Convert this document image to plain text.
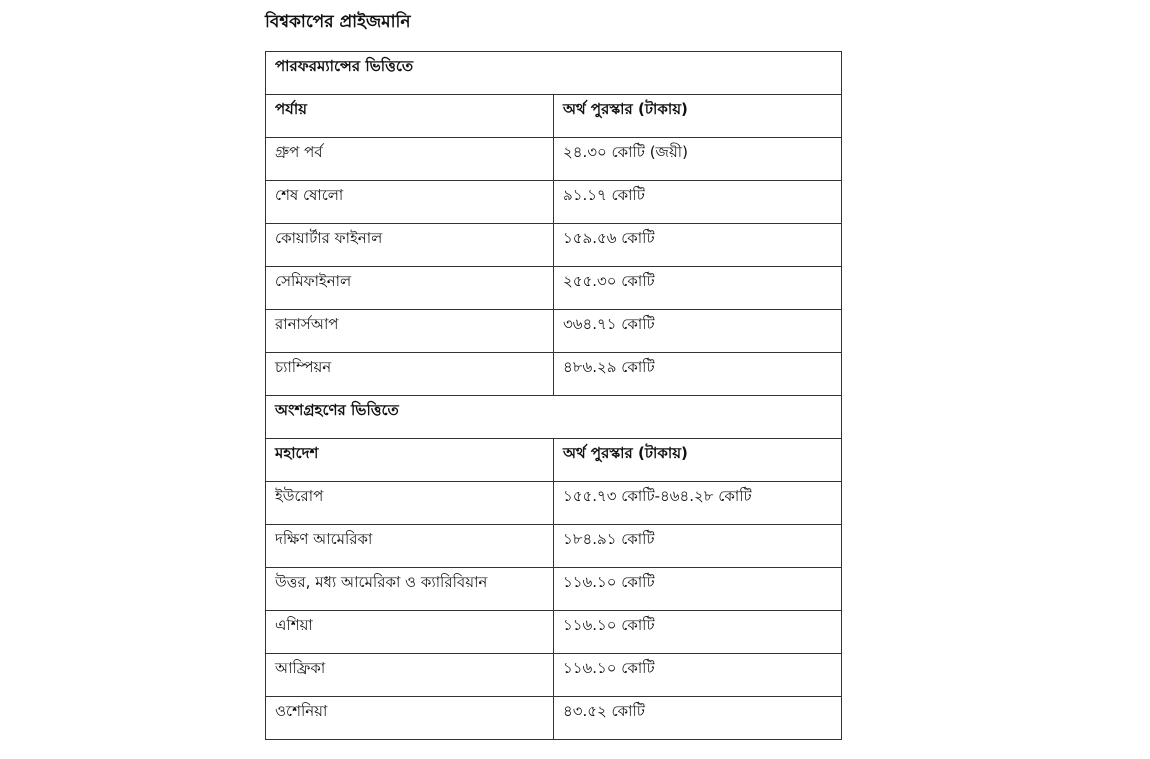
বিশ্বকাপের প্রাইজমানি
পারফরম্যান্সের ভিত্তিতে	
পর্যায়	অর্থ পুরস্কার (টাকায়)
গ্রুপ পর্ব	২৪.৩০ কোটি (জয়ী)
শেষ ষোলো	৯১.১৭ কোটি
কোয়ার্টার ফাইনাল	১৫৯.৫৬ কোটি
সেমিফাইনাল	২৫৫.৩০ কোটি
রানার্সআপ	৩৬৪.৭১ কোটি
চ্যাম্পিয়ন	৪৮৬.২৯ কোটি
অংশগ্রহণের ভিত্তিতে	
মহাদেশ	অর্থ পুরস্কার (টাকায়)
ইউরোপ	১৫৫.৭৩ কোটি-৪৬৪.২৮ কোটি
দক্ষিণ আমেরিকা	১৮৪.৯১ কোটি
উত্তর, মধ্য আমেরিকা ও ক্যারিবিয়ান	১১৬.১০ কোটি
এশিয়া	১১৬.১০ কোটি
আফ্রিকা	১১৬.১০ কোটি
ওশেনিয়া	৪৩.৫২ কোটি
